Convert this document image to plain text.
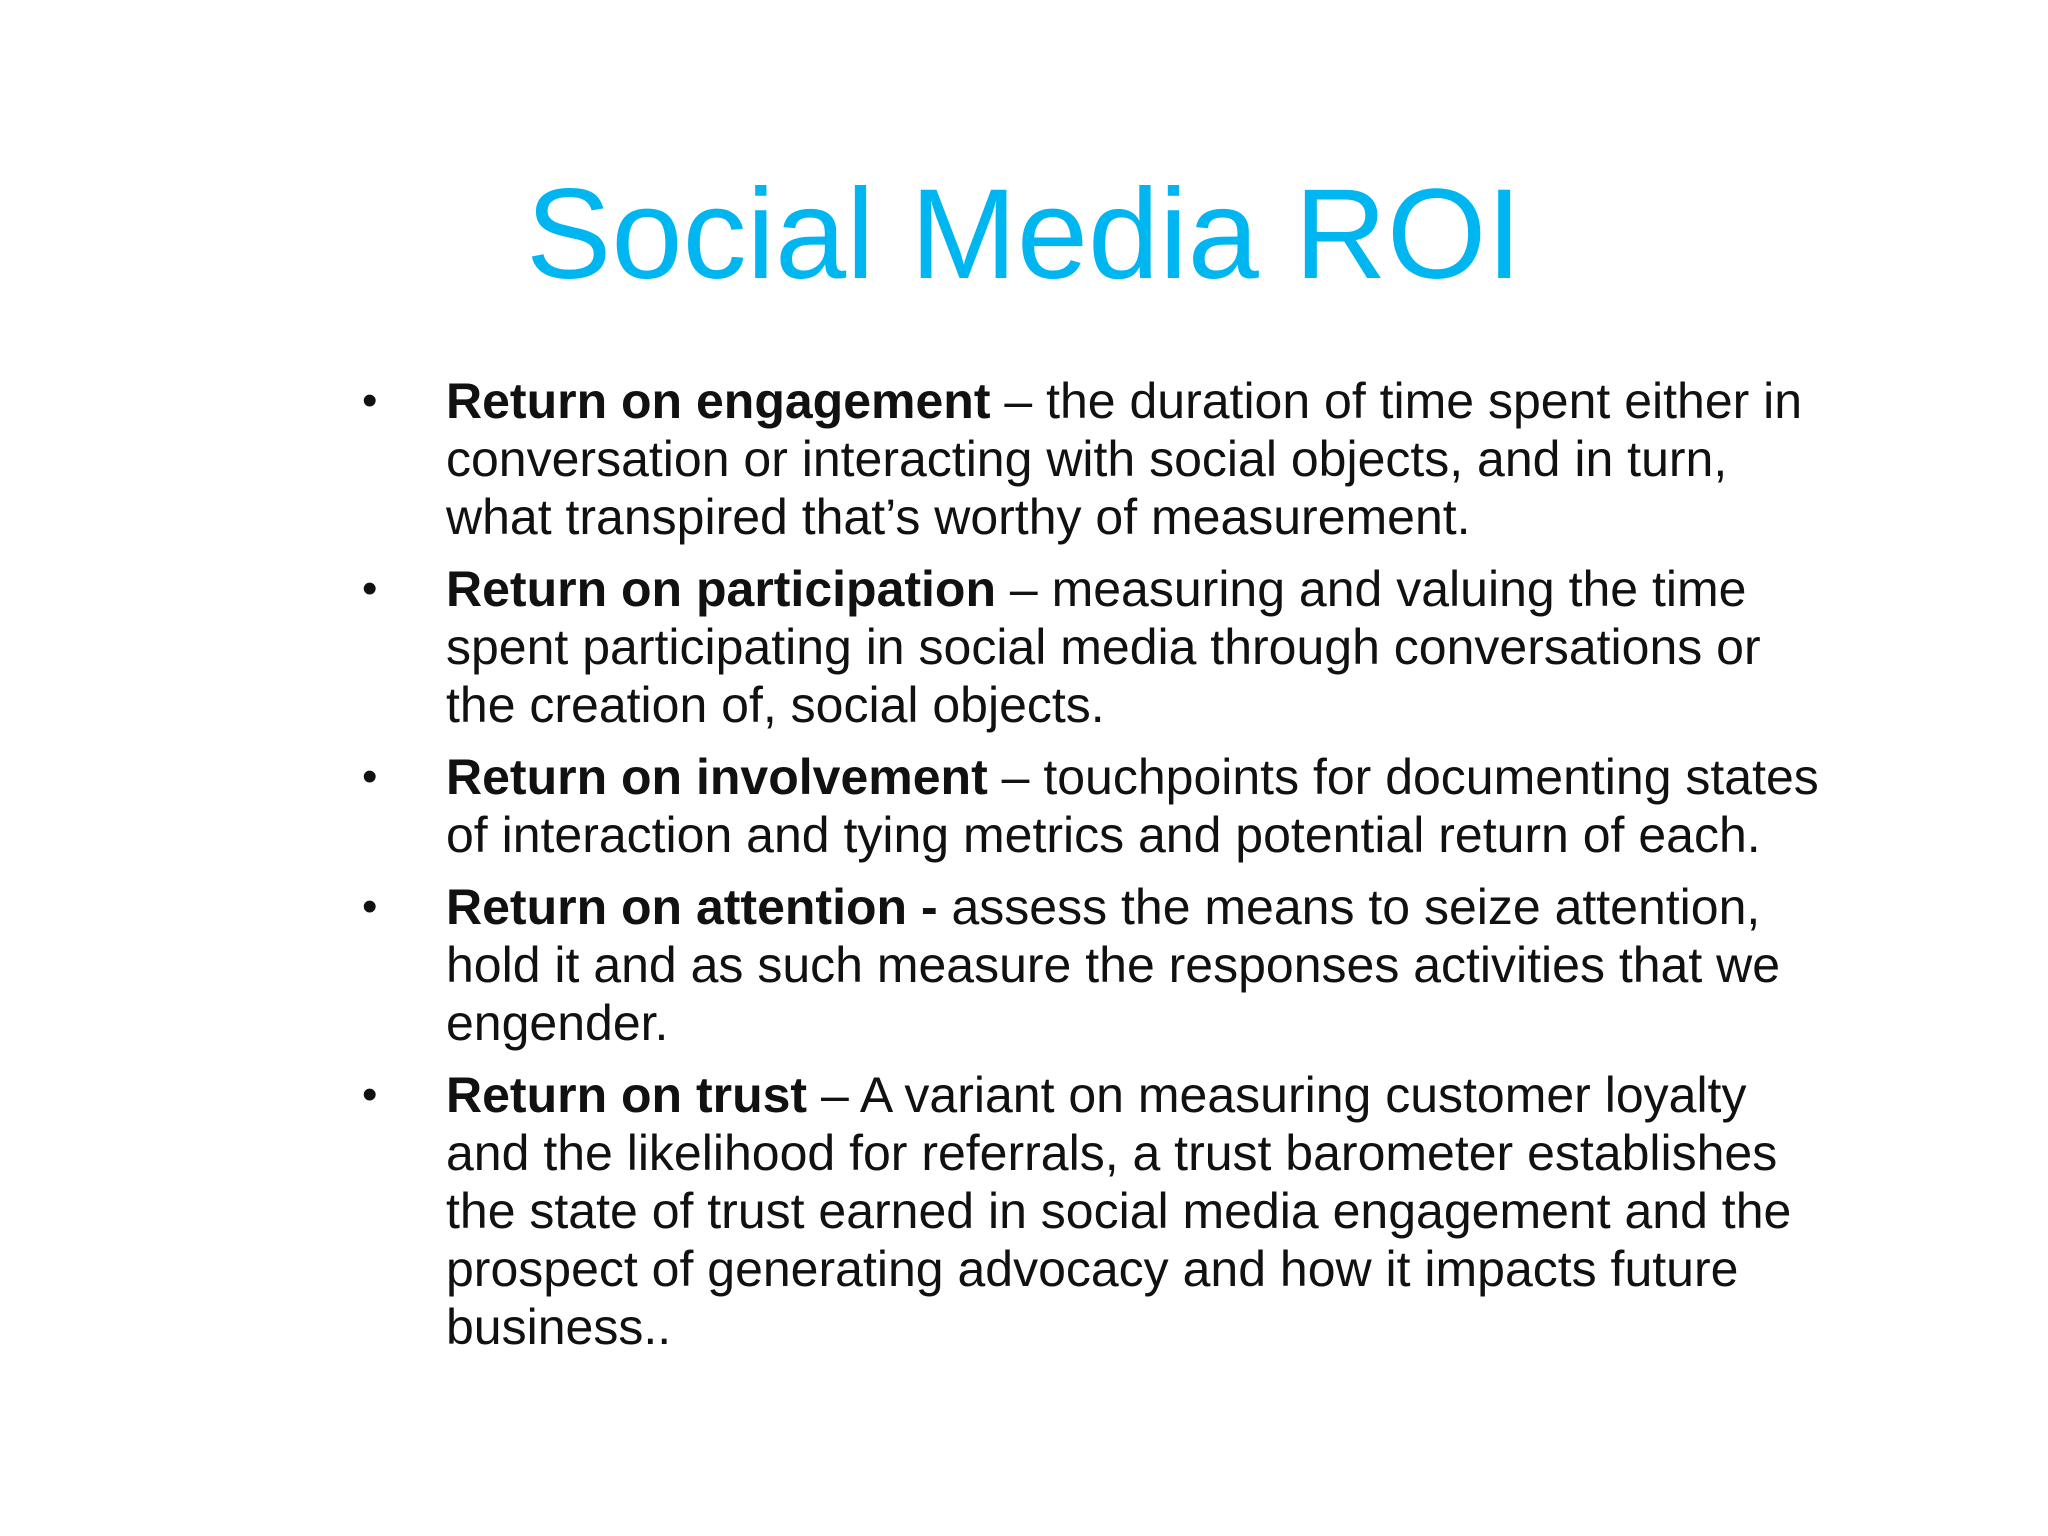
Social Media ROI
•	Return on engagement – the duration of time spent either in conversation or interacting with social objects, and in turn, what transpired that’s worthy of measurement.
•	Return on participation – measuring and valuing the time spent participating in social media through conversations or the creation of, social objects.
•	Return on involvement – touchpoints for documenting states of interaction and tying metrics and potential return of each.
•	Return on attention - assess the means to seize attention, hold it and as such measure the responses activities that we engender.
•	Return on trust – A variant on measuring customer loyalty and the likelihood for referrals, a trust barometer establishes the state of trust earned in social media engagement and the prospect of generating advocacy and how it impacts future business..
